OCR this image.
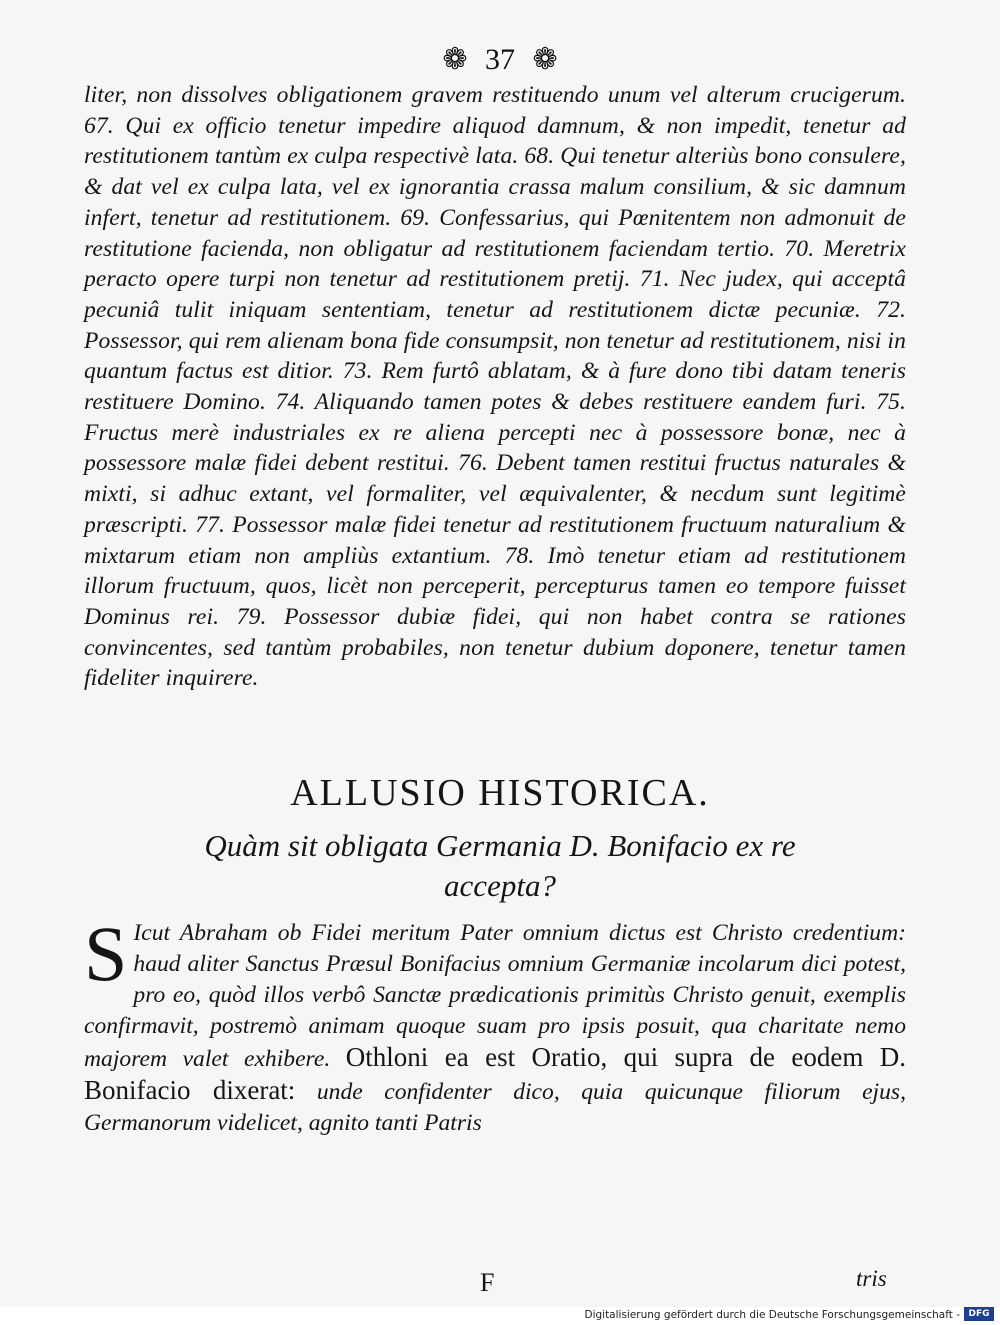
❁ 37 ❁
liter, non dissolves obligationem gravem restituendo unum vel alterum crucigerum. 67. Qui ex officio tenetur impedire aliquod damnum, & non impedit, tenetur ad restitutionem tantùm ex culpa respectivè lata. 68. Qui tenetur alteriùs bono consulere, & dat vel ex culpa lata, vel ex ignorantia crassa malum consilium, & sic damnum infert, tenetur ad restitutionem. 69. Confessarius, qui Pœnitentem non admonuit de restitutione facienda, non obligatur ad restitutionem faciendam tertio. 70. Meretrix peracto opere turpi non tenetur ad restitutionem pretij. 71. Nec judex, qui acceptâ pecuniâ tulit iniquam sententiam, tenetur ad restitutionem dictæ pecuniæ. 72. Possessor, qui rem alienam bona fide consumpsit, non tenetur ad restitutionem, nisi in quantum factus est ditior. 73. Rem furtô ablatam, & à fure dono tibi datam teneris restituere Domino. 74. Aliquando tamen potes & debes restituere eandem furi. 75. Fructus merè industriales ex re aliena percepti nec à possessore bonæ, nec à possessore malæ fidei debent restitui. 76. Debent tamen restitui fructus naturales & mixti, si adhuc extant, vel formaliter, vel æquivalenter, & necdum sunt legitimè præscripti. 77. Possessor malæ fidei tenetur ad restitutionem fructuum naturalium & mixtarum etiam non ampliùs extantium. 78. Imò tenetur etiam ad restitutionem illorum fructuum, quos, licèt non perceperit, percepturus tamen eo tempore fuisset Dominus rei. 79. Possessor dubiæ fidei, qui non habet contra se rationes convincentes, sed tantùm probabiles, non tenetur dubium doponere, tenetur tamen fideliter inquirere.
ALLUSIO HISTORICA.
Quàm sit obligata Germania D. Bonifacio ex re accepta?
S Icut Abraham ob Fidei meritum Pater omnium dictus est Christo credentium: haud aliter Sanctus Præsul Bonifacius omnium Germaniæ incolarum dici potest, pro eo, quòd illos verbô Sanctæ prædicationis primitùs Christo genuit, exemplis confirmavit, postremò animam quoque suam pro ipsis posuit, qua charitate nemo majorem valet exhibere. Othloni ea est Oratio, qui supra de eodem D. Bonifacio dixerat: unde confidenter dico, quia quicunque filiorum ejus, Germanorum videlicet, agnito tanti Patris
F	tris
Digitalisierung gefördert durch die Deutsche Forschungsgemeinschaft - DFG
